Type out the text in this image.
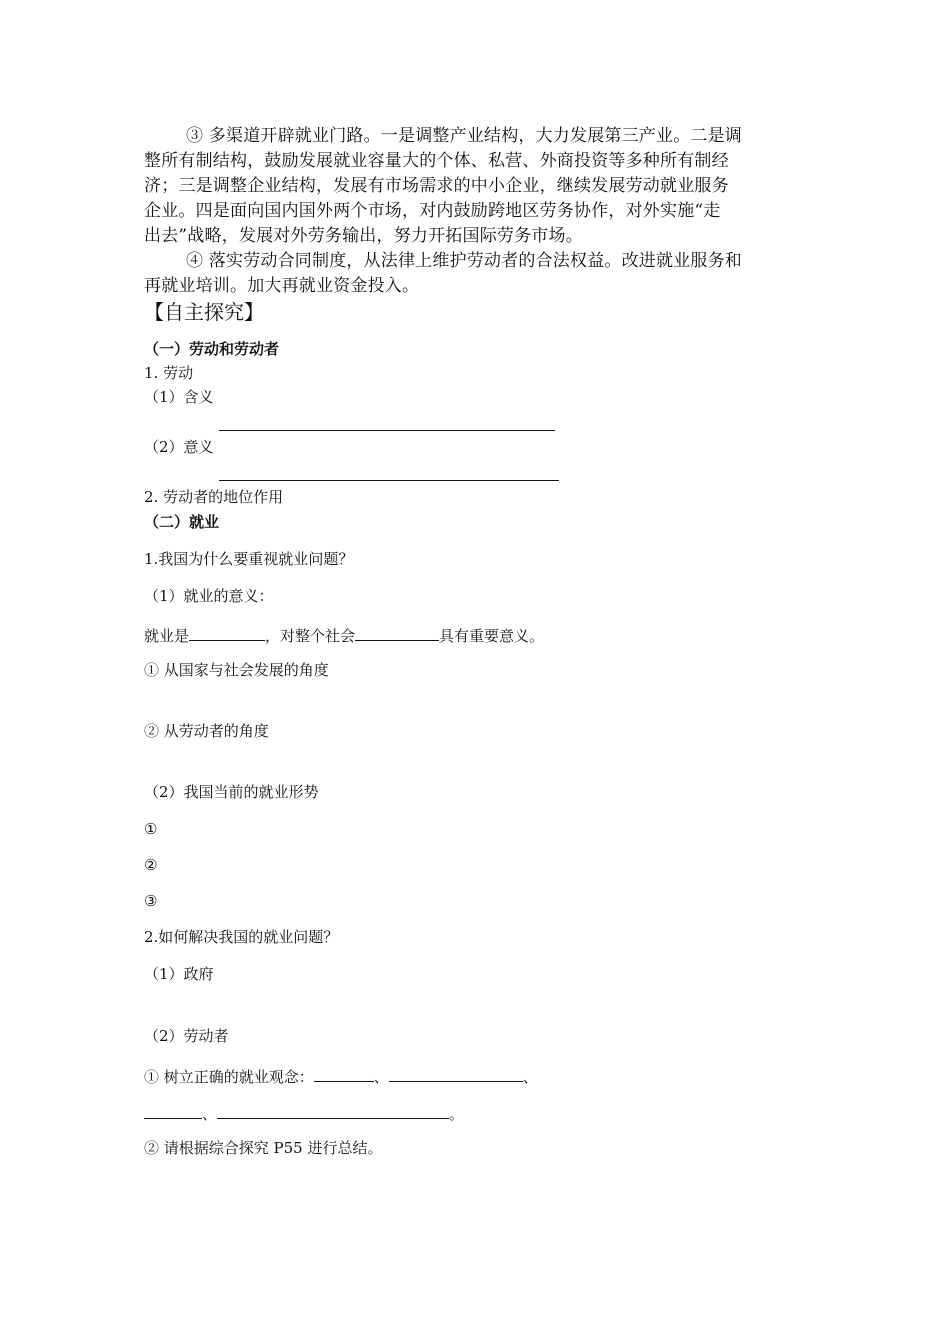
③ 多渠道开辟就业门路。一是调整产业结构，大力发展第三产业。二是调
整所有制结构，鼓励发展就业容量大的个体、私营、外商投资等多种所有制经
济；三是调整企业结构，发展有市场需求的中小企业，继续发展劳动就业服务
企业。四是面向国内国外两个市场，对内鼓励跨地区劳务协作，对外实施“走
出去”战略，发展对外劳务输出，努力开拓国际劳务市场。
④ 落实劳动合同制度，从法律上维护劳动者的合法权益。改进就业服务和
再就业培训。加大再就业资金投入。
【自主探究】
（一）劳动和劳动者
1. 劳动
（1）含义
（2）意义
2. 劳动者的地位作用
（二）就业
1.我国为什么要重视就业问题？
（1）就业的意义：
就业是	，对整个社会	具有重要意义。
① 从国家与社会发展的角度
② 从劳动者的角度
（2）我国当前的就业形势
①
②
③
2.如何解决我国的就业问题？
（1）政府
（2）劳动者
① 树立正确的就业观念：	、	、
、	。
② 请根据综合探究 P55 进行总结。
